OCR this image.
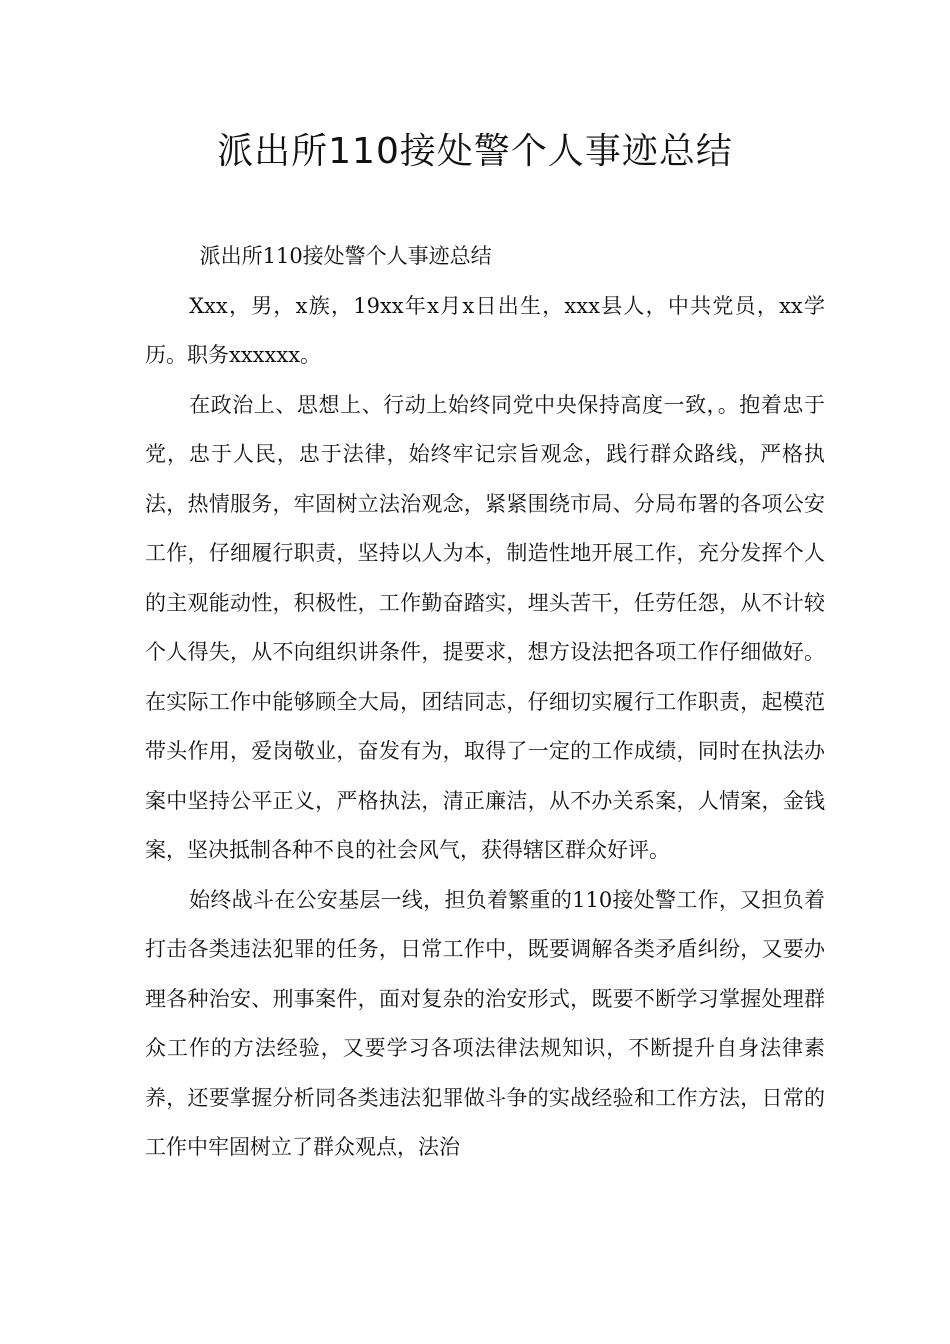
派出所110接处警个人事迹总结

派出所110接处警个人事迹总结

Xxx，男，x族，19xx年x月x日出生，xxx县人，中共党员，xx学历。职务xxxxxx。

在政治上、思想上、行动上始终同党中央保持高度一致，。抱着忠于党，忠于人民，忠于法律，始终牢记宗旨观念，践行群众路线，严格执法，热情服务，牢固树立法治观念，紧紧围绕市局、分局布署的各项公安工作，仔细履行职责，坚持以人为本，制造性地开展工作，充分发挥个人的主观能动性，积极性，工作勤奋踏实，埋头苦干，任劳任怨，从不计较个人得失，从不向组织讲条件，提要求，想方设法把各项工作仔细做好。在实际工作中能够顾全大局，团结同志，仔细切实履行工作职责，起模范带头作用，爱岗敬业，奋发有为，取得了一定的工作成绩，同时在执法办案中坚持公平正义，严格执法，清正廉洁，从不办关系案，人情案，金钱案，坚决抵制各种不良的社会风气，获得辖区群众好评。

始终战斗在公安基层一线，担负着繁重的110接处警工作，又担负着打击各类违法犯罪的任务，日常工作中，既要调解各类矛盾纠纷，又要办理各种治安、刑事案件，面对复杂的治安形式，既要不断学习掌握处理群众工作的方法经验，又要学习各项法律法规知识，不断提升自身法律素养，还要掌握分析同各类违法犯罪做斗争的实战经验和工作方法，日常的工作中牢固树立了群众观点，法治
